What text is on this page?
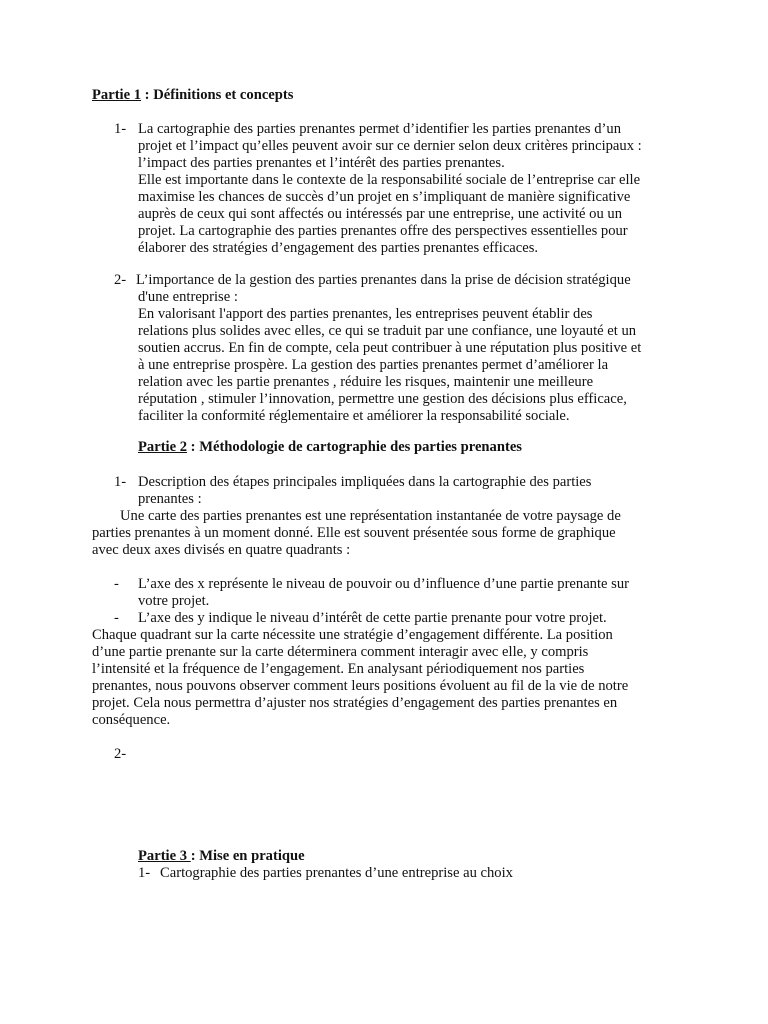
Partie 1 : Définitions et concepts
1- La cartographie des parties prenantes permet d’identifier les parties prenantes d’un
projet et l’impact qu’elles peuvent avoir sur ce dernier selon deux critères principaux :
l’impact des parties prenantes et l’intérêt des parties prenantes.
Elle est importante dans le contexte de la responsabilité sociale de l’entreprise car elle
maximise les chances de succès d’un projet en s’impliquant de manière significative
auprès de ceux qui sont affectés ou intéressés par une entreprise, une activité ou un
projet. La cartographie des parties prenantes offre des perspectives essentielles pour
élaborer des stratégies d’engagement des parties prenantes efficaces.
2- L’importance de la gestion des parties prenantes dans la prise de décision stratégique
d'une entreprise :
En valorisant l'apport des parties prenantes, les entreprises peuvent établir des
relations plus solides avec elles, ce qui se traduit par une confiance, une loyauté et un
soutien accrus. En fin de compte, cela peut contribuer à une réputation plus positive et
à une entreprise prospère. La gestion des parties prenantes permet d’améliorer la
relation avec les partie prenantes , réduire les risques, maintenir une meilleure
réputation , stimuler l’innovation, permettre une gestion des décisions plus efficace,
faciliter la conformité réglementaire et améliorer la responsabilité sociale.
Partie 2 : Méthodologie de cartographie des parties prenantes
1- Description des étapes principales impliquées dans la cartographie des parties
prenantes :
Une carte des parties prenantes est une représentation instantanée de votre paysage de
parties prenantes à un moment donné. Elle est souvent présentée sous forme de graphique
avec deux axes divisés en quatre quadrants :
- L’axe des x représente le niveau de pouvoir ou d’influence d’une partie prenante sur
votre projet.
- L’axe des y indique le niveau d’intérêt de cette partie prenante pour votre projet.
Chaque quadrant sur la carte nécessite une stratégie d’engagement différente. La position
d’une partie prenante sur la carte déterminera comment interagir avec elle, y compris
l’intensité et la fréquence de l’engagement. En analysant périodiquement nos parties
prenantes, nous pouvons observer comment leurs positions évoluent au fil de la vie de notre
projet. Cela nous permettra d’ajuster nos stratégies d’engagement des parties prenantes en
conséquence.
2-
Partie 3 : Mise en pratique
1- Cartographie des parties prenantes d’une entreprise au choix
